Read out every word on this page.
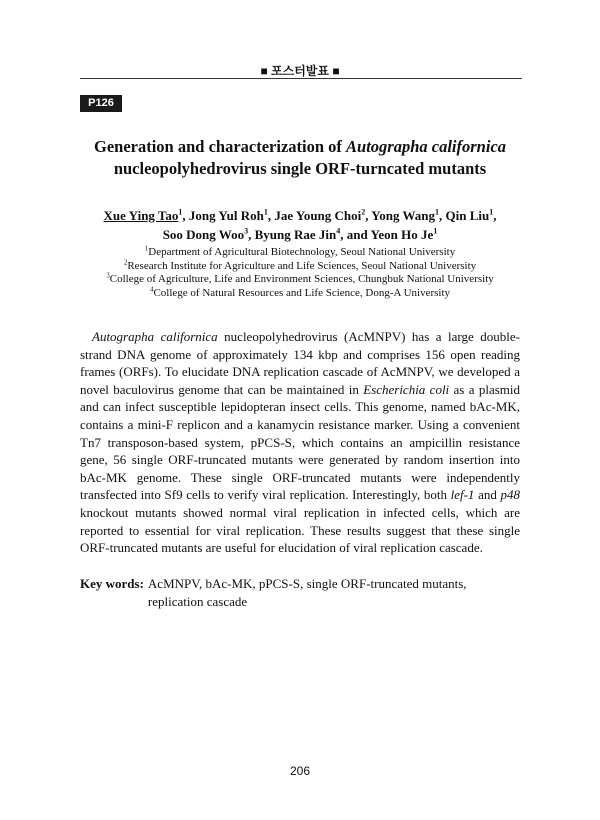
■ 포스터발표 ■
P126
Generation and characterization of Autographa californica
nucleopolyhedrovirus single ORF-turncated mutants
Xue Ying Tao$^1$, Jong Yul Roh$^1$, Jae Young Choi$^2$, Yong Wang$^1$, Qin Liu$^1$,
Soo Dong Woo$^3$, Byung Rae Jin$^4$, and Yeon Ho Je$^1$
$^1$Department of Agricultural Biotechnology, Seoul National University
$^2$Research Institute for Agriculture and Life Sciences, Seoul National University
$^3$College of Agriculture, Life and Environment Sciences, Chungbuk National University
$^4$College of Natural Resources and Life Science, Dong-A University

Autographa californica nucleopolyhedrovirus (AcMNPV) has a large double-strand DNA genome of approximately 134 kbp and comprises 156 open reading frames (ORFs). To elucidate DNA replication cascade of AcMNPV, we developed a novel baculovirus genome that can be maintained in Escherichia coli as a plasmid and can infect susceptible lepidopteran insect cells. This genome, named bAc-MK, contains a mini-F replicon and a kanamycin resistance marker. Using a convenient Tn7 transposon-based system, pPCS-S, which contains an ampicillin resistance gene, 56 single ORF-truncated mutants were generated by random insertion into bAc-MK genome. These single ORF-truncated mutants were independently transfected into Sf9 cells to verify viral replication. Interestingly, both lef-1 and p48 knockout mutants showed normal viral replication in infected cells, which are reported to essential for viral replication. These results suggest that these single ORF-truncated mutants are useful for elucidation of viral replication cascade.

Key words: AcMNPV, bAc-MK, pPCS-S, single ORF-truncated mutants, replication cascade
206
